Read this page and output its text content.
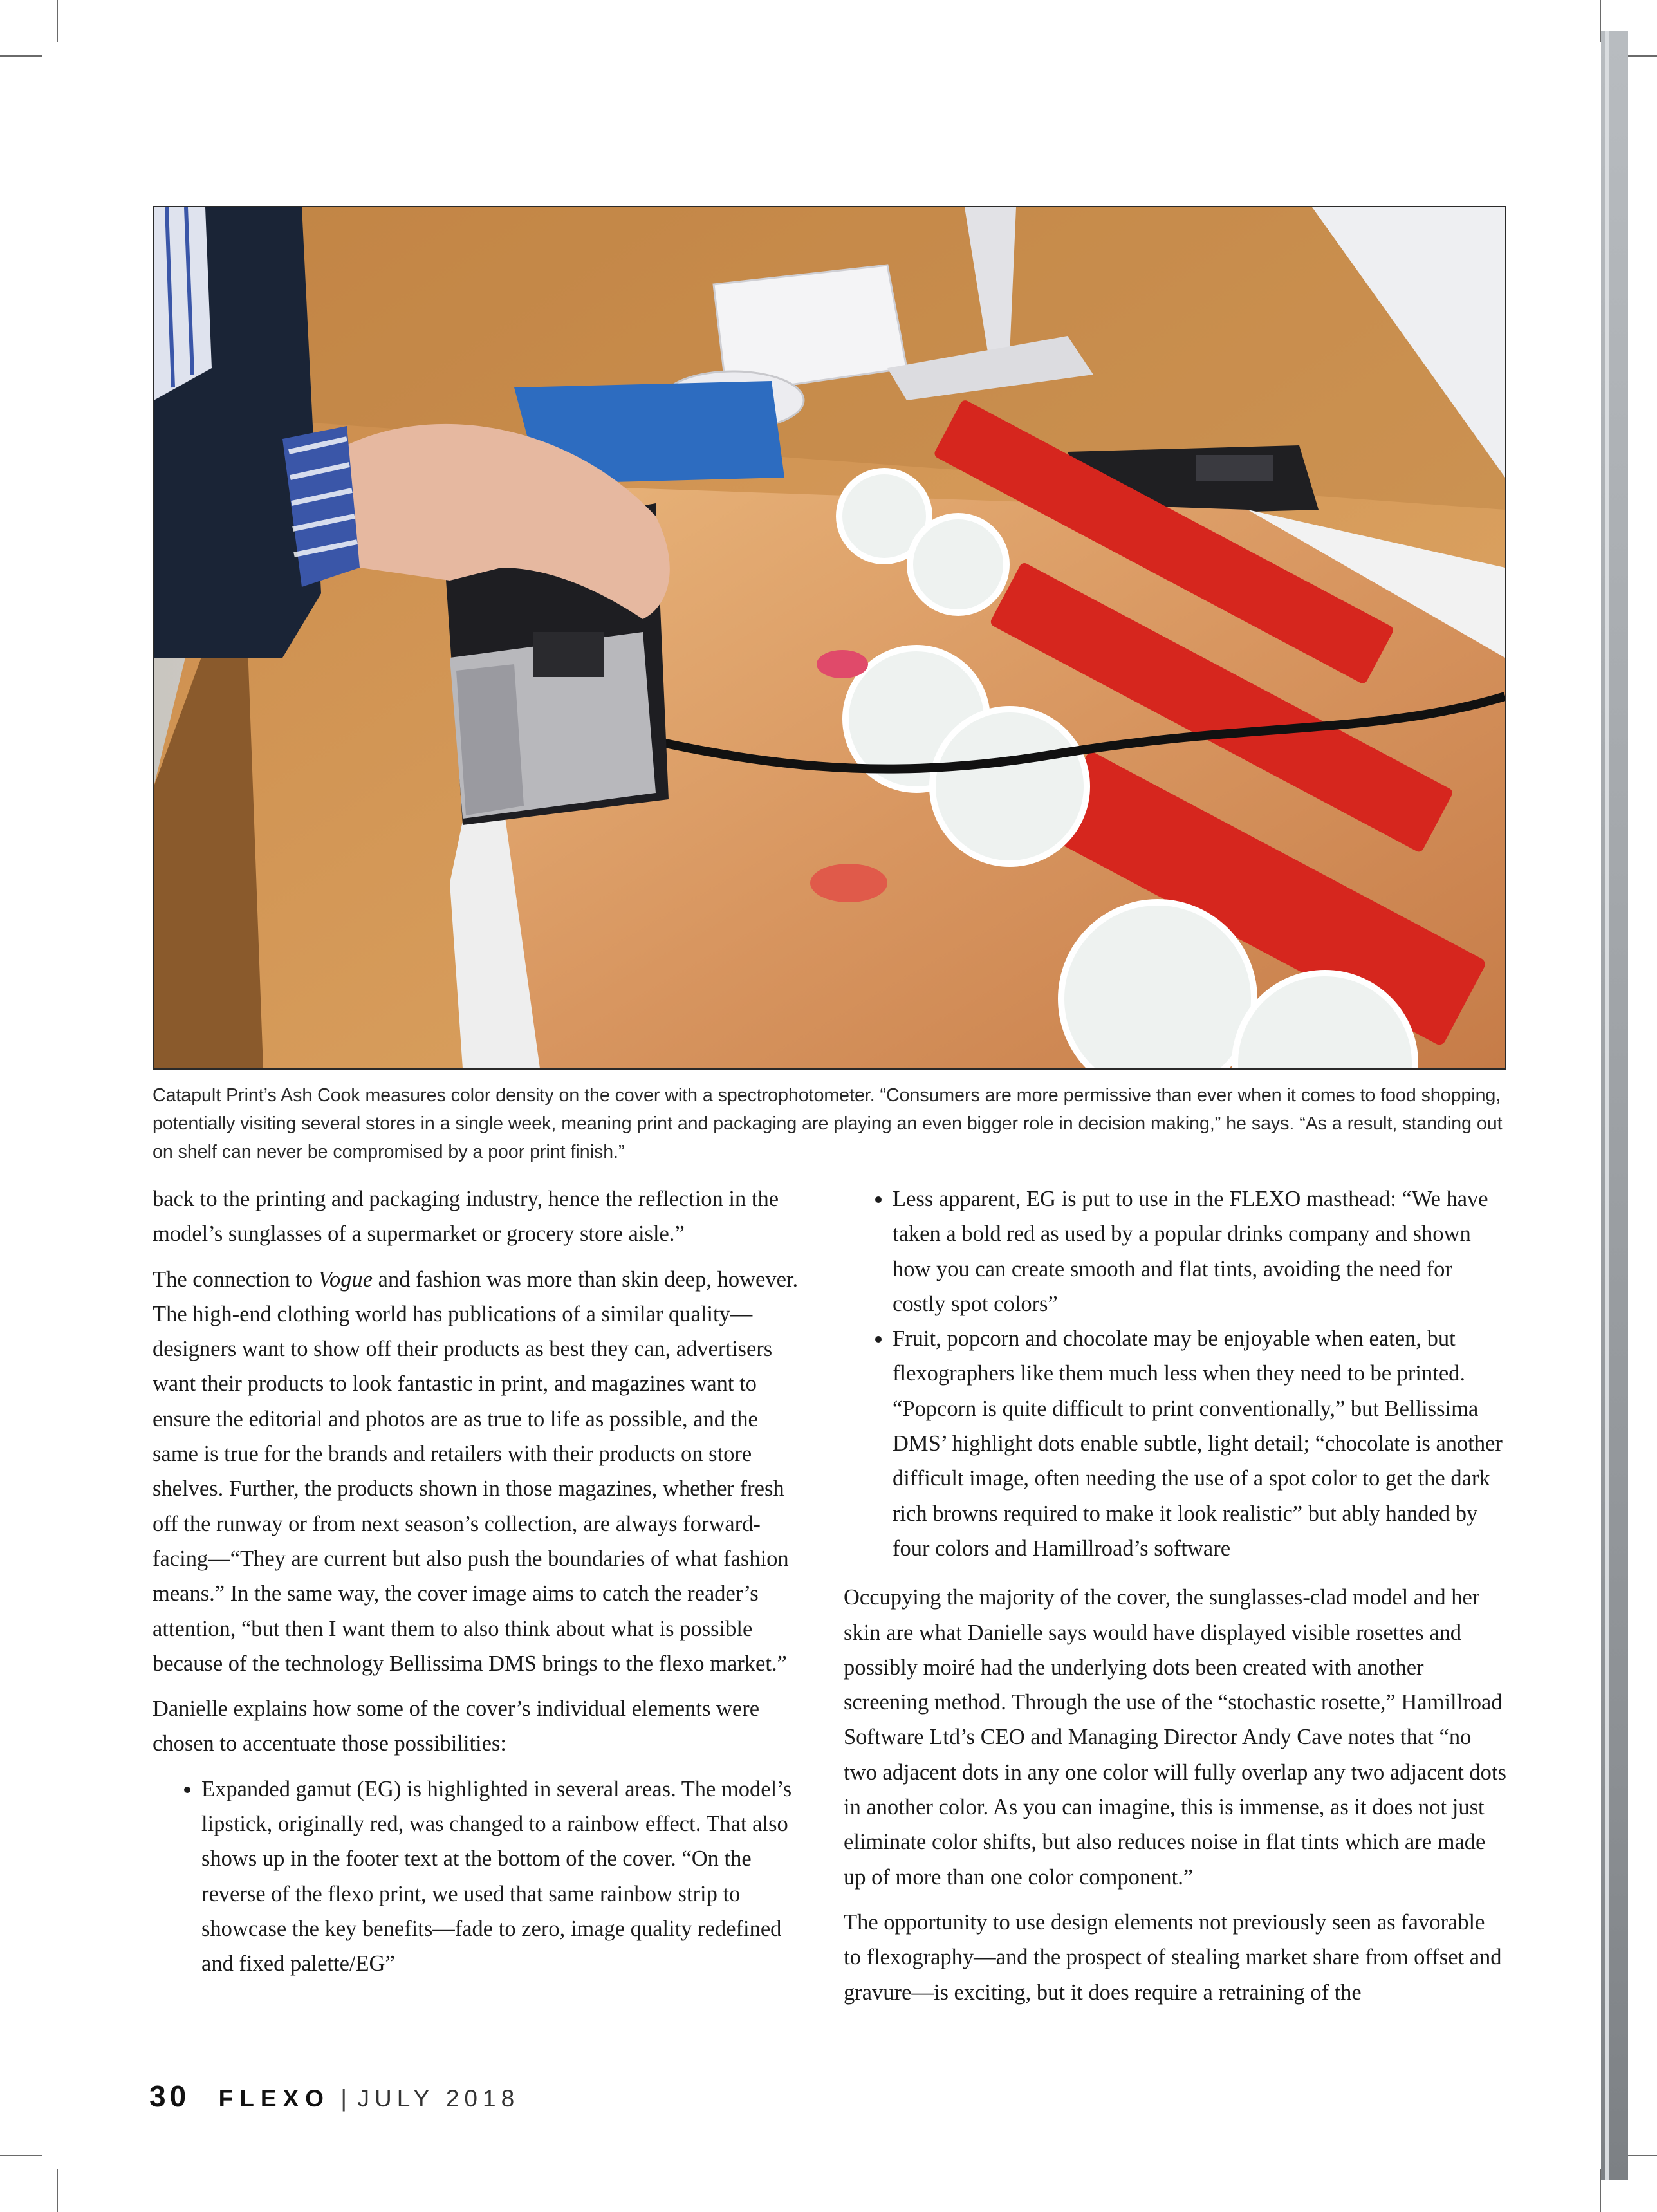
Catapult Print’s Ash Cook measures color density on the cover with a spectrophotometer. “Consumers are more permissive than ever when it comes to food shopping, potentially visiting several stores in a single week, meaning print and packaging are playing an even bigger role in decision making,” he says. “As a result, standing out on shelf can never be compromised by a poor print finish.”

back to the printing and packaging industry, hence the reflection in the model’s sunglasses of a supermarket or grocery store aisle.”

The connection to Vogue and fashion was more than skin deep, however. The high-end clothing world has publications of a similar quality—designers want to show off their products as best they can, advertisers want their products to look fantastic in print, and magazines want to ensure the editorial and photos are as true to life as possible, and the same is true for the brands and retailers with their products on store shelves. Further, the products shown in those magazines, whether fresh off the runway or from next season’s collection, are always forward-facing—“They are current but also push the boundaries of what fashion means.” In the same way, the cover image aims to catch the reader’s attention, “but then I want them to also think about what is possible because of the technology Bellissima DMS brings to the flexo market.”

Danielle explains how some of the cover’s individual elements were chosen to accentuate those possibilities:

• Expanded gamut (EG) is highlighted in several areas. The model’s lipstick, originally red, was changed to a rainbow effect. That also shows up in the footer text at the bottom of the cover. “On the reverse of the flexo print, we used that same rainbow strip to showcase the key benefits—fade to zero, image quality redefined and fixed palette/EG”
• Less apparent, EG is put to use in the FLEXO masthead: “We have taken a bold red as used by a popular drinks company and shown how you can create smooth and flat tints, avoiding the need for costly spot colors”
• Fruit, popcorn and chocolate may be enjoyable when eaten, but flexographers like them much less when they need to be printed. “Popcorn is quite difficult to print conventionally,” but Bellissima DMS’ highlight dots enable subtle, light detail; “chocolate is another difficult image, often needing the use of a spot color to get the dark rich browns required to make it look realistic” but ably handed by four colors and Hamillroad’s software

Occupying the majority of the cover, the sunglasses-clad model and her skin are what Danielle says would have displayed visible rosettes and possibly moiré had the underlying dots been created with another screening method. Through the use of the “stochastic rosette,” Hamillroad Software Ltd’s CEO and Managing Director Andy Cave notes that “no two adjacent dots in any one color will fully overlap any two adjacent dots in another color. As you can imagine, this is immense, as it does not just eliminate color shifts, but also reduces noise in flat tints which are made up of more than one color component.”

The opportunity to use design elements not previously seen as favorable to flexography—and the prospect of stealing market share from offset and gravure—is exciting, but it does require a retraining of the

30 FLEXO | JULY 2018
